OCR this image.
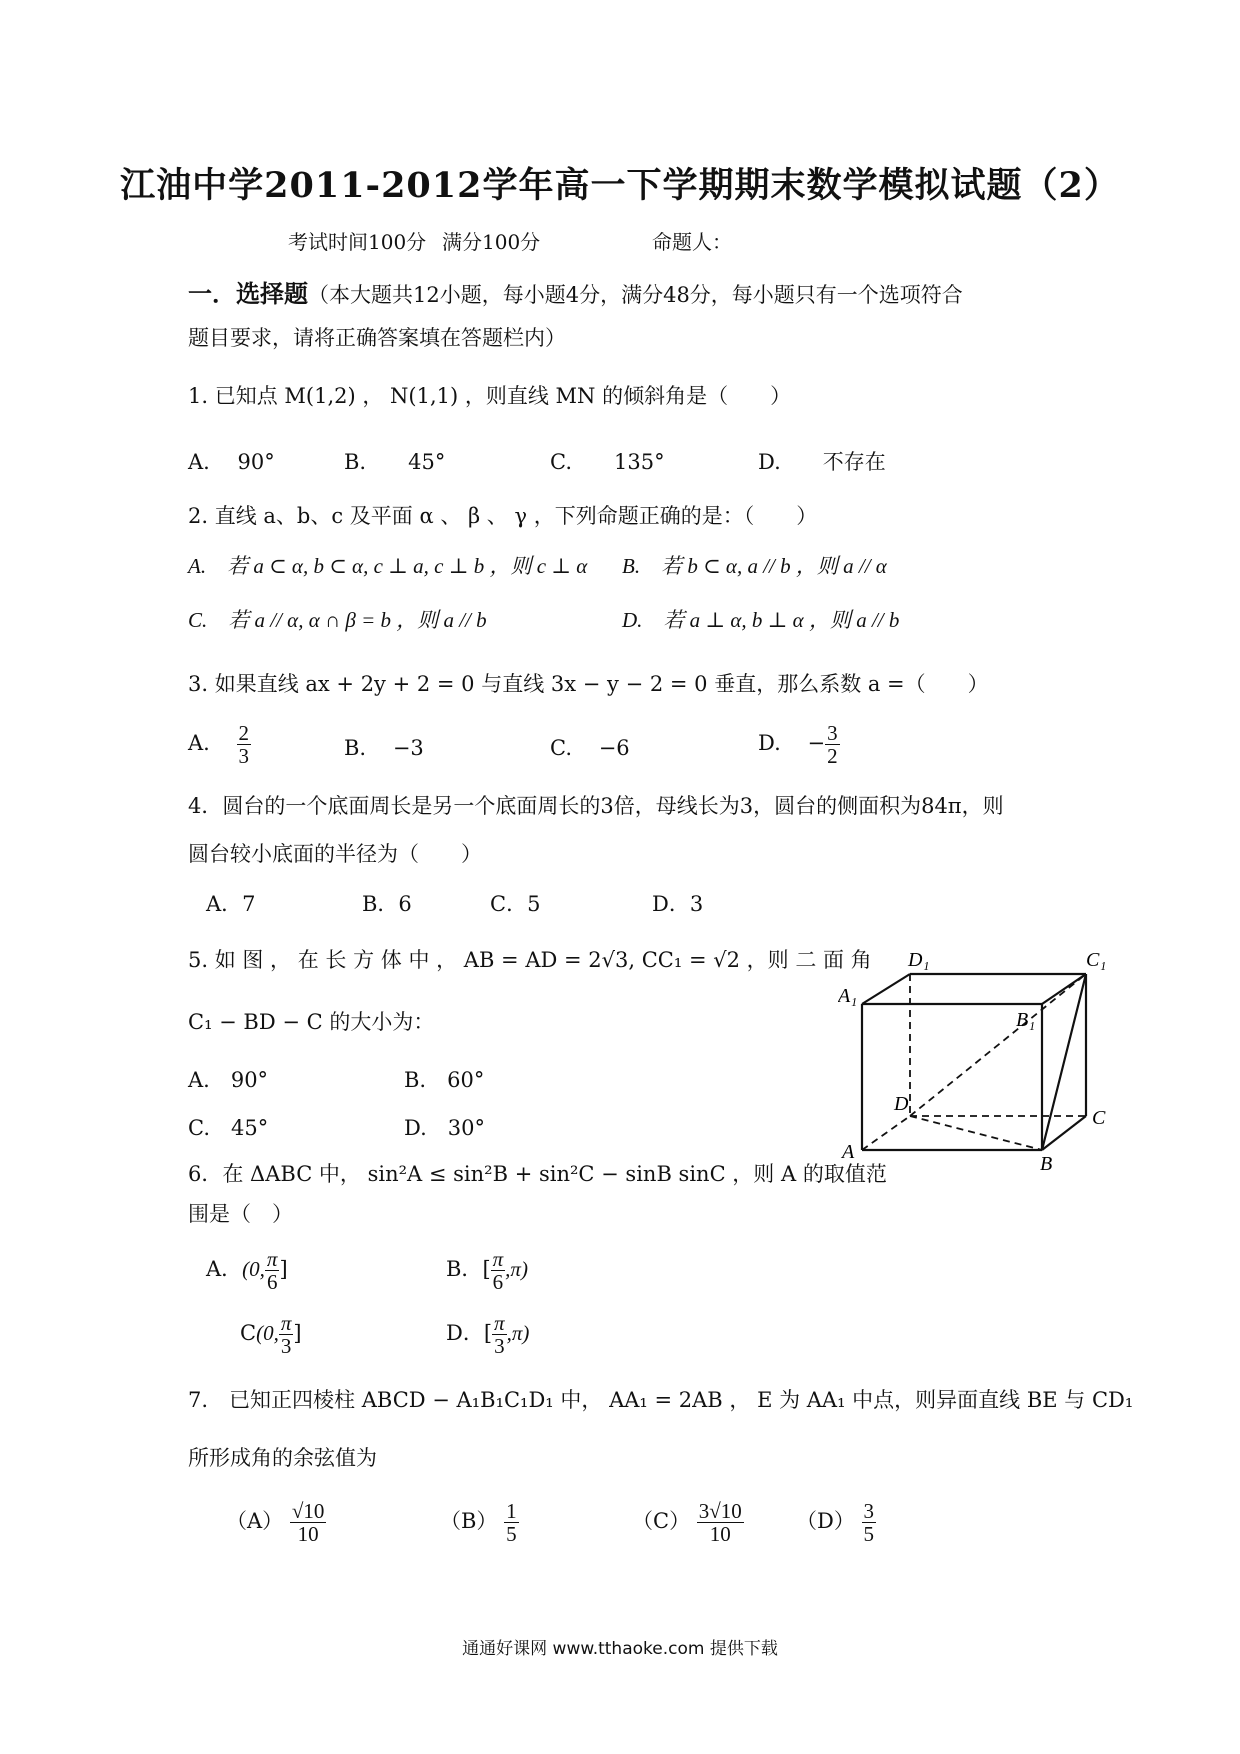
江油中学2011-2012学年高一下学期期末数学模拟试题（2）
考试时间100分 满分100分	命题人：
一．选择题（本大题共12小题，每小题4分，满分48分，每小题只有一个选项符合
题目要求，请将正确答案填在答题栏内）
1. 已知点 M(1,2) ， N(1,1) ，则直线 MN 的倾斜角是（　　）
A.　 90°	B.　　45°	C.　　135°	D.　　不存在
2. 直线 a、b、c 及平面 α 、 β 、 γ ，下列命题正确的是：（　　）
A.　若 a ⊂ α, b ⊂ α, c ⊥ a, c ⊥ b ，则 c ⊥ α B.　若 b ⊂ α, a // b ，则 a // α
C.　若 a // α, α ∩ β = b ，则 a // b	D.　若 a ⊥ α, b ⊥ α ，则 a // b
3. 如果直线 ax + 2y + 2 = 0 与直线 3x − y − 2 = 0 垂直，那么系数 a =（　　）
A. $\frac{2}{3}$	B. −3	C. −6	D. − $\frac{3}{2}$
4．圆台的一个底面周长是另一个底面周长的3倍，母线长为3，圆台的侧面积为84π，则
圆台较小底面的半径为（　　）
A．7	B．6	C．5	D．3
5. 如 图 ， 在 长 方 体 中 ， AB = AD = 2√3, CC₁ = √2 ，则 二 面 角
C₁ − BD − C 的大小为：
A.　90°	B.　60°
C.　45°	D.　30°
D₁	C₁
A₁
B₁
D
C
A
B
6．在 ΔABC 中， sin²A ≤ sin²B + sin²C − sinB sinC ，则 A 的取值范
围是（　）
A．(0, $\frac{\pi}{6}$ ]	B．[ $\frac{\pi}{6} ,\pi$)
C(0, $\frac{\pi}{3}$ ]	D．[ $\frac{\pi}{3} ,\pi$)
7.　已知正四棱柱 ABCD − A₁B₁C₁D₁ 中， AA₁ = 2AB ， E 为 AA₁ 中点，则异面直线 BE 与 CD₁
所形成角的余弦值为
$(A) \frac{√10}{10}$	$(B) \frac{1}{5}$	$(C) \frac{3√10}{10} (D) \frac{3}{5}$
通通好课网 www.tthaoke.com 提供下载
